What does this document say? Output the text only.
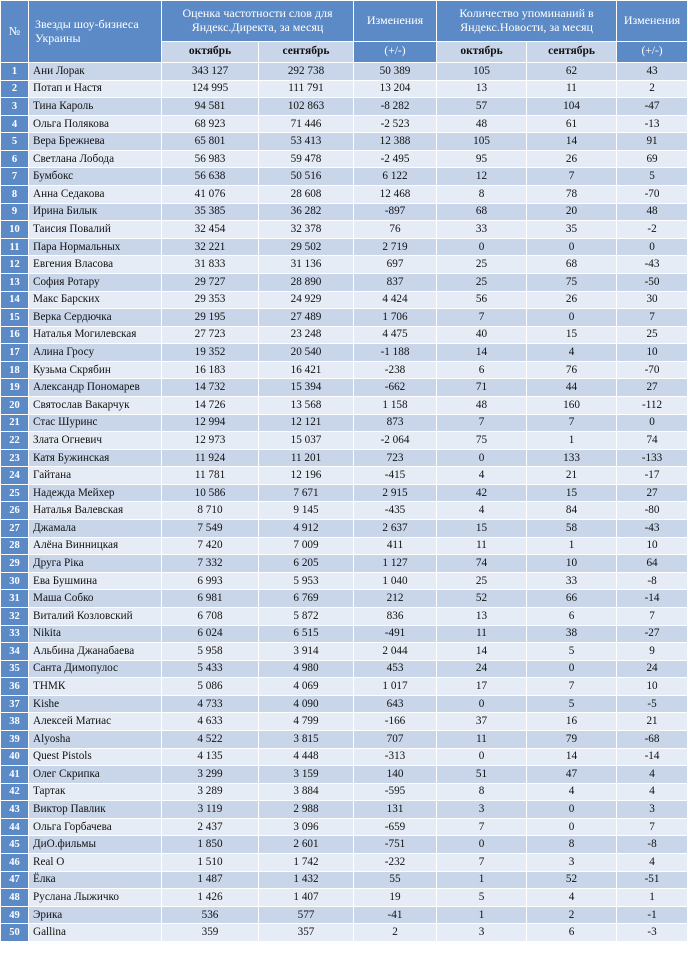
№	Звезды шоу-бизнеса Украины	Оценка частотности слов для Яндекс.Директа, за месяц		Изменения	Количество упоминаний в Яндекс.Новости, за месяц		Изменения
		октябрь	сентябрь	(+/-)	октябрь	сентябрь	(+/-)
1	Ани Лорак	343 127	292 738	50 389	105	62	43
2	Потап и Настя	124 995	111 791	13 204	13	11	2
3	Тина Кароль	94 581	102 863	-8 282	57	104	-47
4	Ольга Полякова	68 923	71 446	-2 523	48	61	-13
5	Вера Брежнева	65 801	53 413	12 388	105	14	91
6	Светлана Лобода	56 983	59 478	-2 495	95	26	69
7	Бумбокс	56 638	50 516	6 122	12	7	5
8	Анна Седакова	41 076	28 608	12 468	8	78	-70
9	Ирина Билык	35 385	36 282	-897	68	20	48
10	Таисия Повалий	32 454	32 378	76	33	35	-2
11	Пара Нормальных	32 221	29 502	2 719	0	0	0
12	Евгения Власова	31 833	31 136	697	25	68	-43
13	София Ротару	29 727	28 890	837	25	75	-50
14	Макс Барских	29 353	24 929	4 424	56	26	30
15	Верка Сердючка	29 195	27 489	1 706	7	0	7
16	Наталья Могилевская	27 723	23 248	4 475	40	15	25
17	Алина Гросу	19 352	20 540	-1 188	14	4	10
18	Кузьма Скрябин	16 183	16 421	-238	6	76	-70
19	Александр Пономарев	14 732	15 394	-662	71	44	27
20	Святослав Вакарчук	14 726	13 568	1 158	48	160	-112
21	Стас Шуринс	12 994	12 121	873	7	7	0
22	Злата Огневич	12 973	15 037	-2 064	75	1	74
23	Катя Бужинская	11 924	11 201	723	0	133	-133
24	Гайтана	11 781	12 196	-415	4	21	-17
25	Надежда Мейхер	10 586	7 671	2 915	42	15	27
26	Наталья Валевская	8 710	9 145	-435	4	84	-80
27	Джамала	7 549	4 912	2 637	15	58	-43
28	Алёна Винницкая	7 420	7 009	411	11	1	10
29	Друга Ріка	7 332	6 205	1 127	74	10	64
30	Ева Бушмина	6 993	5 953	1 040	25	33	-8
31	Маша Собко	6 981	6 769	212	52	66	-14
32	Виталий Козловский	6 708	5 872	836	13	6	7
33	Nikita	6 024	6 515	-491	11	38	-27
34	Альбина Джанабаева	5 958	3 914	2 044	14	5	9
35	Санта Димопулос	5 433	4 980	453	24	0	24
36	ТНМК	5 086	4 069	1 017	17	7	10
37	Kishe	4 733	4 090	643	0	5	-5
38	Алексей Матиас	4 633	4 799	-166	37	16	21
39	Alyosha	4 522	3 815	707	11	79	-68
40	Quest Pistols	4 135	4 448	-313	0	14	-14
41	Олег Скрипка	3 299	3 159	140	51	47	4
42	Тартак	3 289	3 884	-595	8	4	4
43	Виктор Павлик	3 119	2 988	131	3	0	3
44	Ольга Горбачева	2 437	3 096	-659	7	0	7
45	ДиО.фильмы	1 850	2 601	-751	0	8	-8
46	Real O	1 510	1 742	-232	7	3	4
47	Ёлка	1 487	1 432	55	1	52	-51
48	Руслана Лыжичко	1 426	1 407	19	5	4	1
49	Эрика	536	577	-41	1	2	-1
50	Gallina	359	357	2	3	6	-3
